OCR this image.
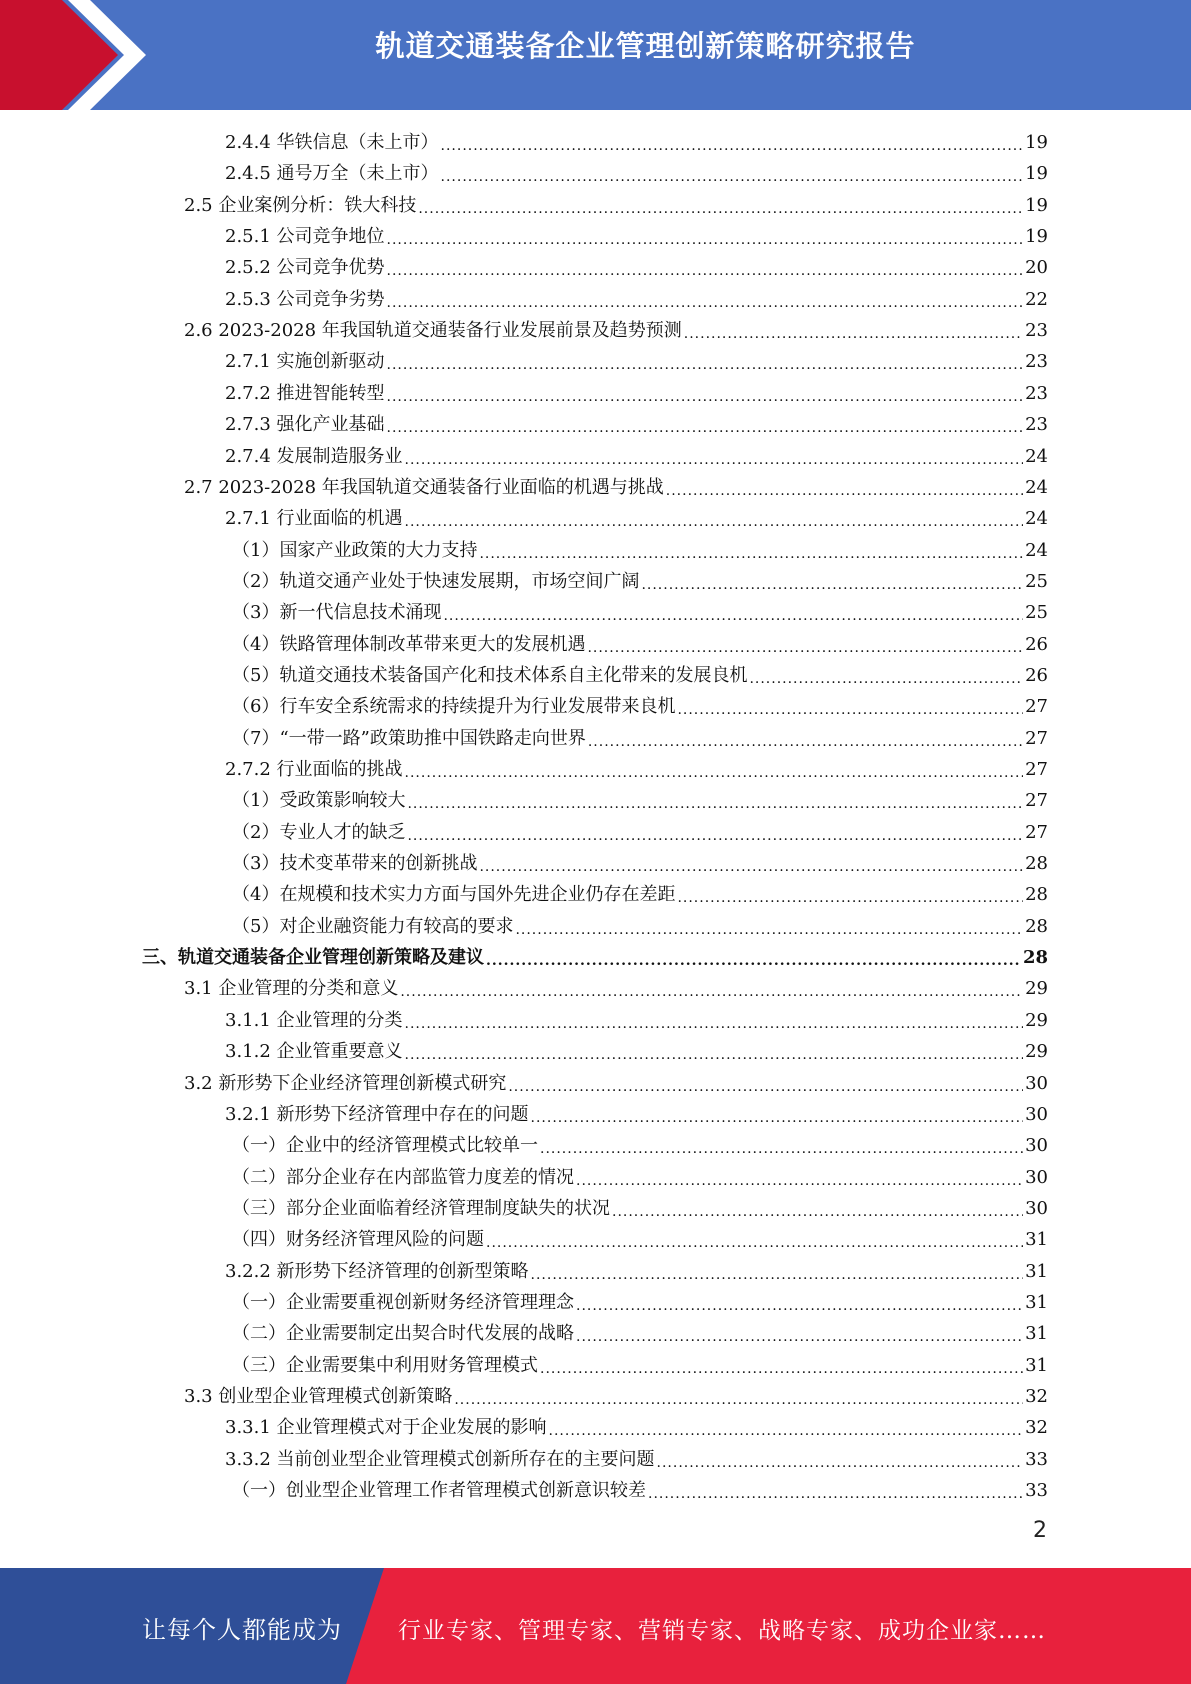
轨道交通装备企业管理创新策略研究报告
2.4.4 华铁信息（未上市） .....	19
2.4.5 通号万全（未上市） .....	19
2.5 企业案例分析：铁大科技 .....	19
2.5.1 公司竞争地位 .....	19
2.5.2 公司竞争优势 .....	20
2.5.3 公司竞争劣势 .....	22
2.6 2023-2028 年我国轨道交通装备行业发展前景及趋势预测 .....	23
2.7.1 实施创新驱动 .....	23
2.7.2 推进智能转型 .....	23
2.7.3 强化产业基础 .....	23
2.7.4 发展制造服务业 .....	24
2.7 2023-2028 年我国轨道交通装备行业面临的机遇与挑战 .....	24
2.7.1 行业面临的机遇 .....	24
（1）国家产业政策的大力支持 .....	24
（2）轨道交通产业处于快速发展期，市场空间广阔 .....	25
（3）新一代信息技术涌现 .....	25
（4）铁路管理体制改革带来更大的发展机遇 .....	26
（5）轨道交通技术装备国产化和技术体系自主化带来的发展良机 .....	26
（6）行车安全系统需求的持续提升为行业发展带来良机 .....	27
（7）“一带一路”政策助推中国铁路走向世界 .....	27
2.7.2 行业面临的挑战 .....	27
（1）受政策影响较大 .....	27
（2）专业人才的缺乏 .....	27
（3）技术变革带来的创新挑战 .....	28
（4）在规模和技术实力方面与国外先进企业仍存在差距 .....	28
（5）对企业融资能力有较高的要求 .....	28
三、轨道交通装备企业管理创新策略及建议 .....	28
3.1 企业管理的分类和意义 .....	29
3.1.1 企业管理的分类 .....	29
3.1.2 企业管重要意义 .....	29
3.2 新形势下企业经济管理创新模式研究 .....	30
3.2.1 新形势下经济管理中存在的问题 .....	30
（一）企业中的经济管理模式比较单一 .....	30
（二）部分企业存在内部监管力度差的情况 .....	30
（三）部分企业面临着经济管理制度缺失的状况 .....	30
（四）财务经济管理风险的问题 .....	31
3.2.2 新形势下经济管理的创新型策略 .....	31
（一）企业需要重视创新财务经济管理理念 .....	31
（二）企业需要制定出契合时代发展的战略 .....	31
（三）企业需要集中利用财务管理模式 .....	31
3.3 创业型企业管理模式创新策略 .....	32
3.3.1 企业管理模式对于企业发展的影响 .....	32
3.3.2 当前创业型企业管理模式创新所存在的主要问题 .....	33
（一）创业型企业管理工作者管理模式创新意识较差 .....	33
2
让每个人都能成为 行业专家、管理专家、营销专家、战略专家、成功企业家……
